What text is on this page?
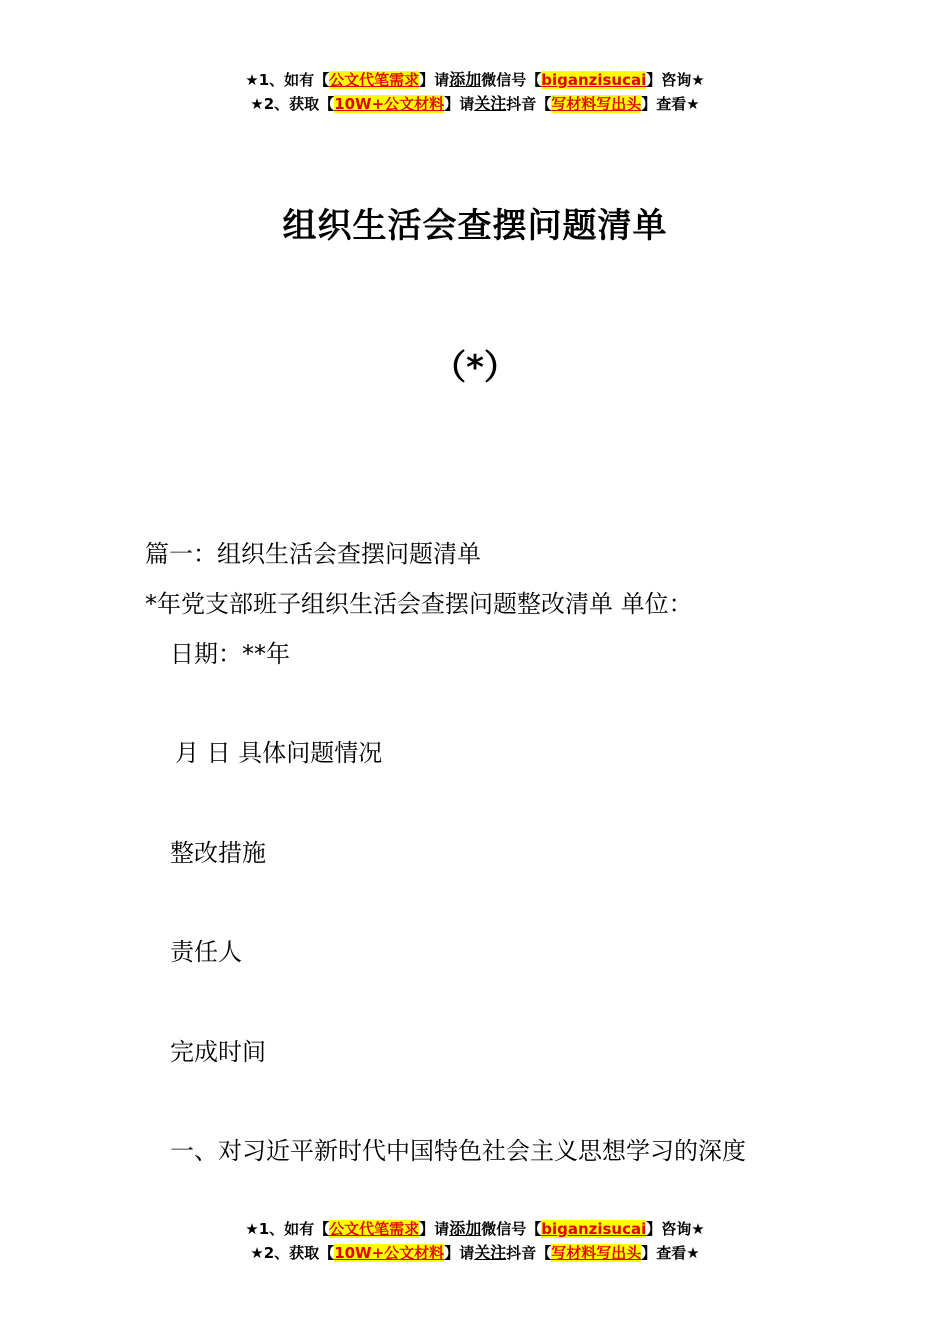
★1、如有【公文代笔需求】请添加微信号【biganzisucai】咨询★
★2、获取【10W+公文材料】请关注抖音【写材料写出头】查看★
组织生活会查摆问题清单
（*）
篇一：组织生活会查摆问题清单
*年党支部班子组织生活会查摆问题整改清单 单位：
日期：**年
月 日 具体问题情况
整改措施
责任人
完成时间
一、对习近平新时代中国特色社会主义思想学习的深度
★1、如有【公文代笔需求】请添加微信号【biganzisucai】咨询★
★2、获取【10W+公文材料】请关注抖音【写材料写出头】查看★
